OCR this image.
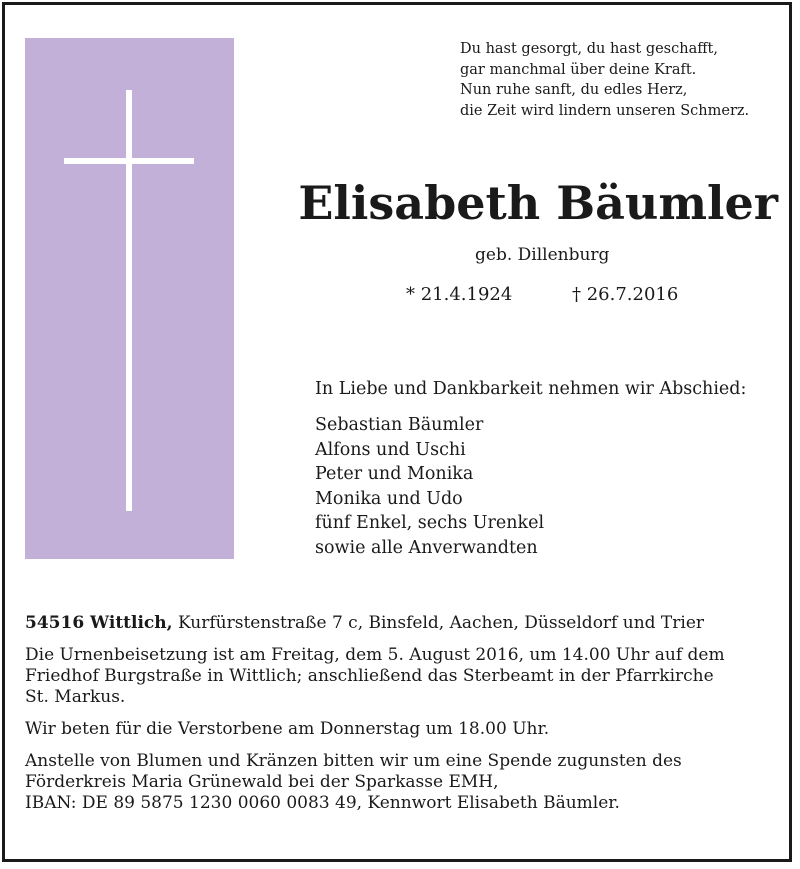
Du hast gesorgt, du hast geschafft,
gar manchmal über deine Kraft.
Nun ruhe sanft, du edles Herz,
die Zeit wird lindern unseren Schmerz.
Elisabeth Bäumler
geb. Dillenburg
* 21.4.1924	† 26.7.2016
In Liebe und Dankbarkeit nehmen wir Abschied:
Sebastian Bäumler
Alfons und Uschi
Peter und Monika
Monika und Udo
fünf Enkel, sechs Urenkel
sowie alle Anverwandten
54516 Wittlich, Kurfürstenstraße 7 c, Binsfeld, Aachen, Düsseldorf und Trier
Die Urnenbeisetzung ist am Freitag, dem 5. August 2016, um 14.00 Uhr auf dem
Friedhof Burgstraße in Wittlich; anschließend das Sterbeamt in der Pfarrkirche
St. Markus.
Wir beten für die Verstorbene am Donnerstag um 18.00 Uhr.
Anstelle von Blumen und Kränzen bitten wir um eine Spende zugunsten des
Förderkreis Maria Grünewald bei der Sparkasse EMH,
IBAN: DE 89 5875 1230 0060 0083 49, Kennwort Elisabeth Bäumler.
